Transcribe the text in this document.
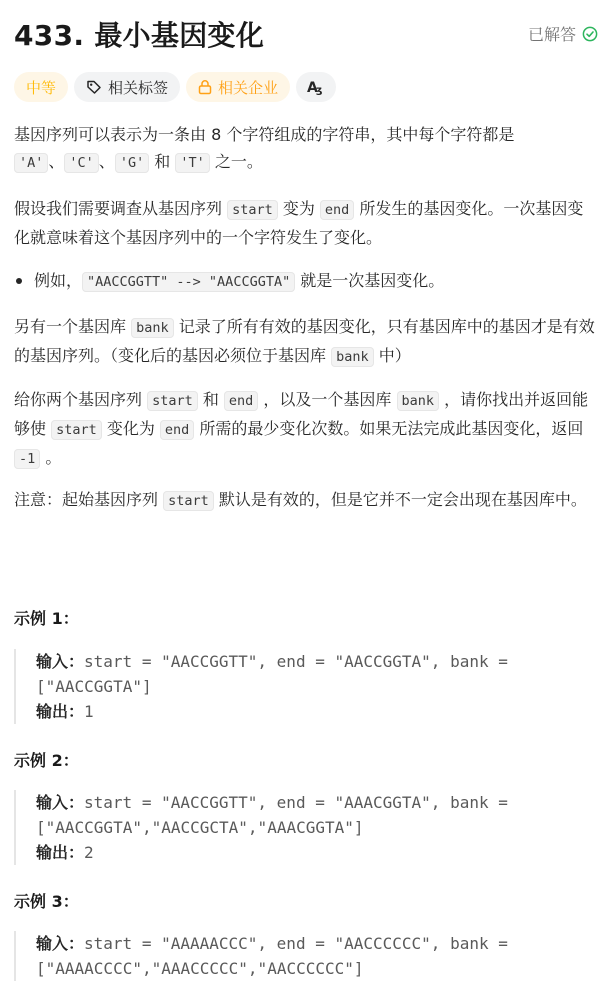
433. 最小基因变化	已解答
中等	相关标签	相关企业 A
ʒ
基因序列可以表示为一条由 8 个字符组成的字符串，其中每个字符都是
'A' 、 'C' 、 'G' 和 'T' 之一。
假设我们需要调查从基因序列 start 变为 end 所发生的基因变化。一次基因变化就意味着这个基因序列中的一个字符发生了变化。
例如， "AACCGGTT" --> "AACCGGTA" 就是一次基因变化。
另有一个基因库 bank 记录了所有有效的基因变化，只有基因库中的基因才是有效的基因序列。（变化后的基因必须位于基因库 bank 中）
给你两个基因序列 start 和 end ，以及一个基因库 bank ，请你找出并返回能够使 start 变化为 end 所需的最少变化次数。如果无法完成此基因变化，返回 -1 。
注意：起始基因序列 start 默认是有效的，但是它并不一定会出现在基因库中。
示例 1：
输入：start = "AACCGGTT", end = "AACCGGTA", bank =
["AACCGGTA"]
输出：1
示例 2：
输入：start = "AACCGGTT", end = "AAACGGTA", bank =
["AACCGGTA","AACCGCTA","AAACGGTA"]
输出：2
示例 3：
输入：start = "AAAAACCC", end = "AACCCCCC", bank =
["AAAACCCC","AAACCCCC","AACCCCCC"]
